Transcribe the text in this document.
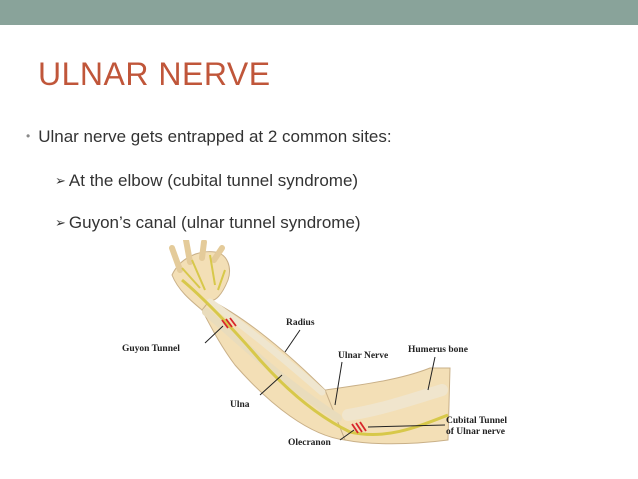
ULNAR NERVE
• Ulnar nerve gets entrapped at 2 common sites:
➢ At the elbow (cubital tunnel syndrome)
➢ Guyon’s canal (ulnar tunnel syndrome)
Guyon Tunnel
Radius
Ulnar Nerve
Humerus bone
Ulna
Cubital Tunnel
of Ulnar nerve
Olecranon
